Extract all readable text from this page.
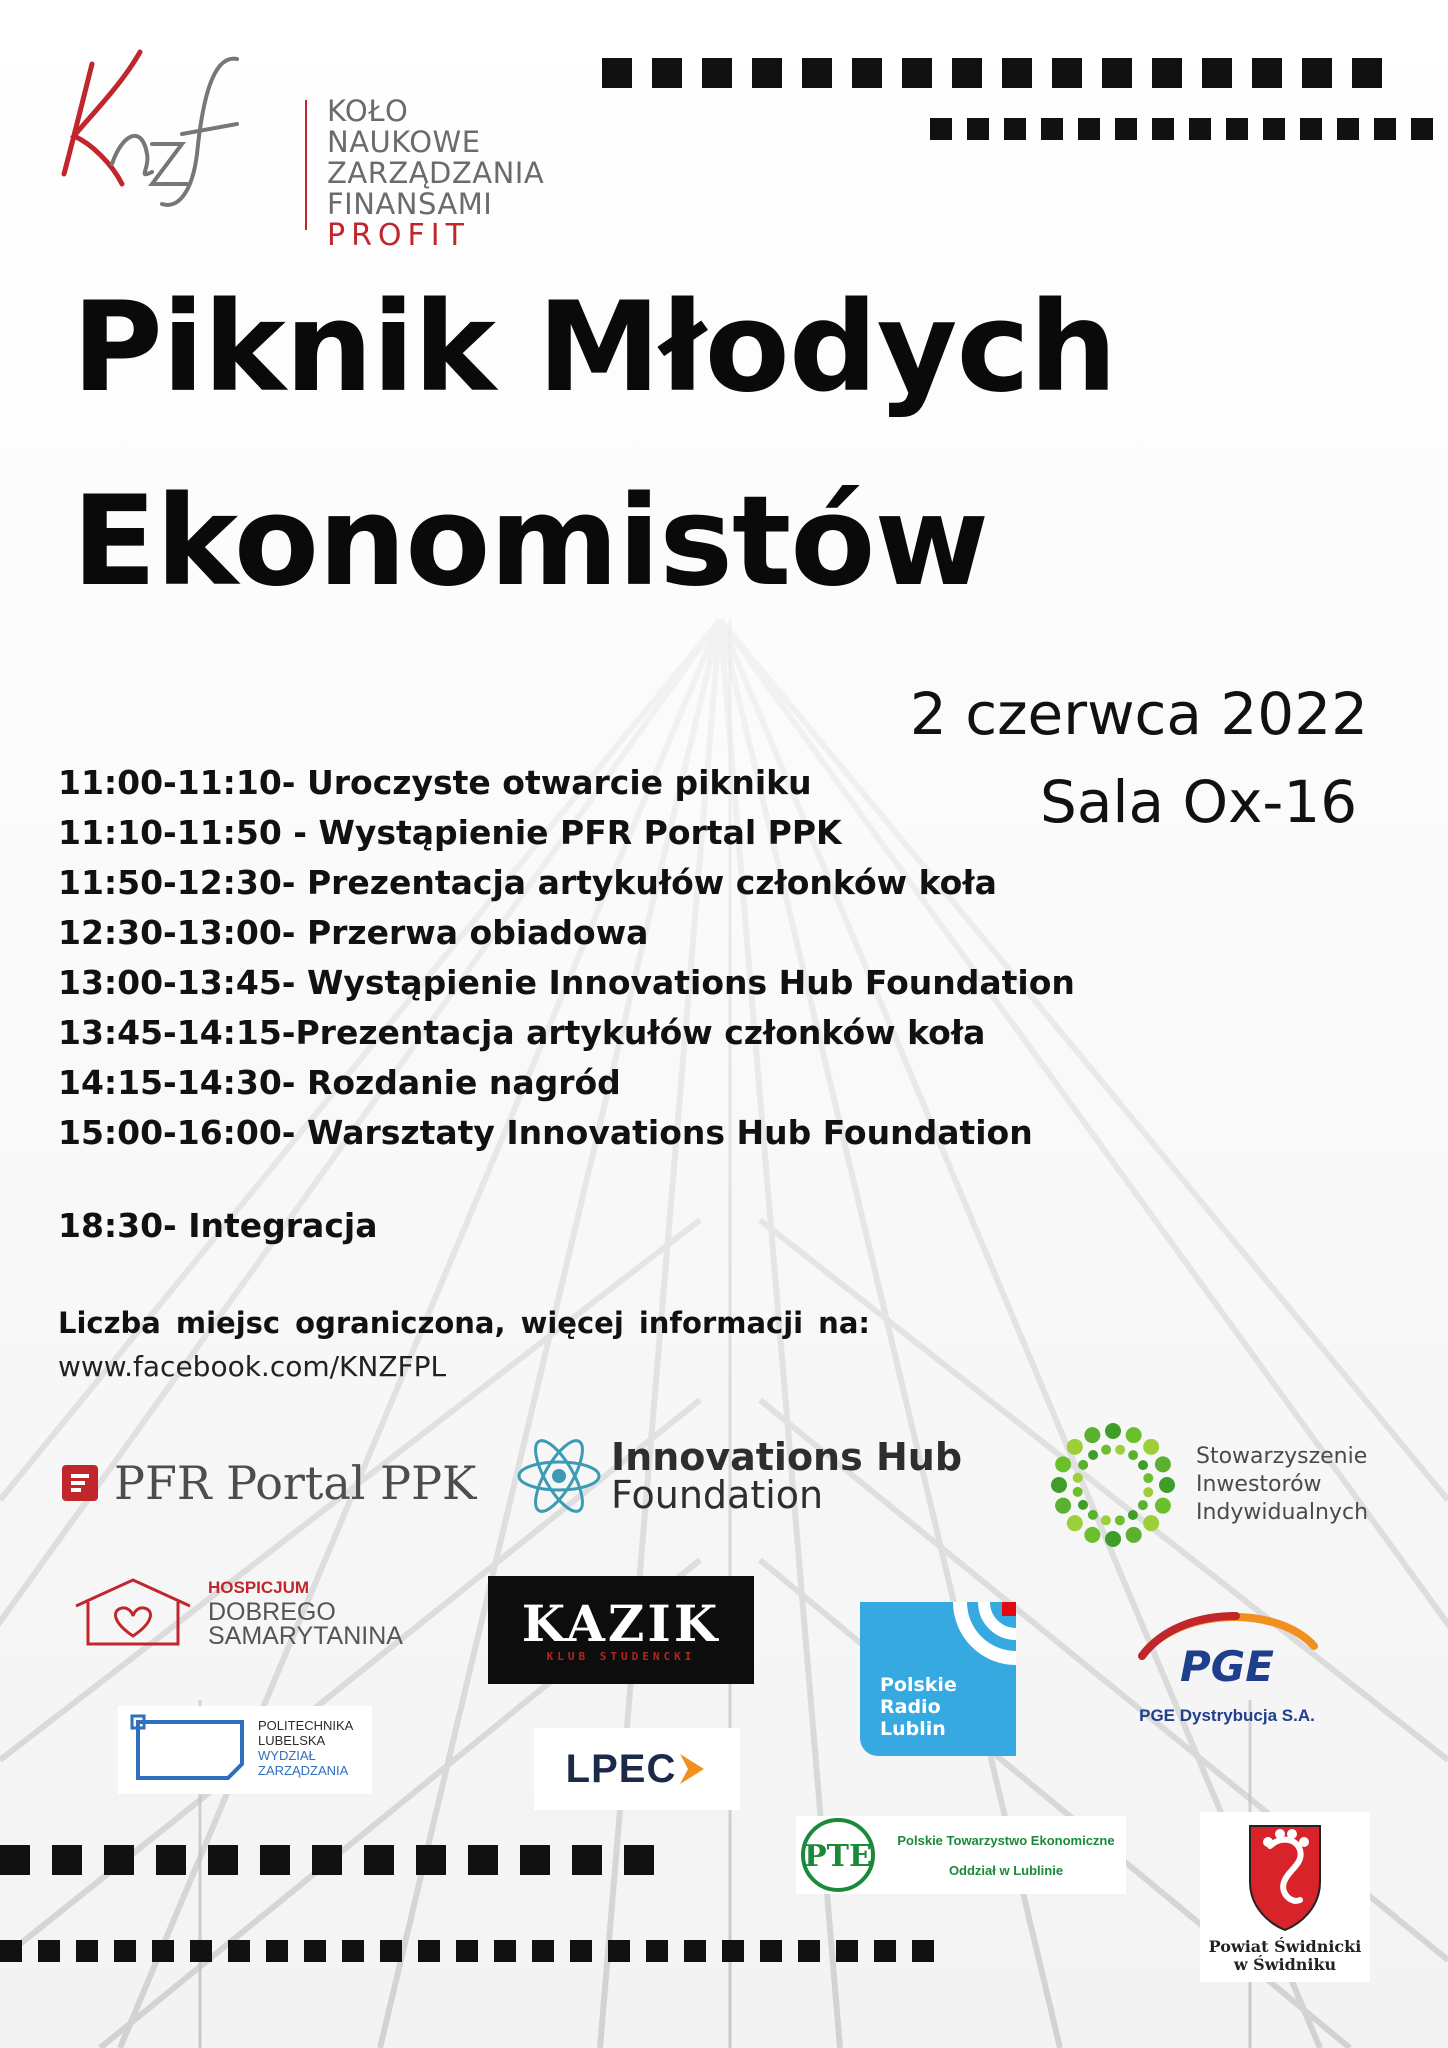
KOŁO NAUKOWE
ZARZĄDZANIA
FINANSAMI
PROFIT
Piknik Młodych
Ekonomistów
2 czerwca 2022
Sala Ox-16
11:00-11:10- Uroczyste otwarcie pikniku
11:10-11:50 - Wystąpienie PFR Portal PPK
11:50-12:30- Prezentacja artykułów członków koła
12:30-13:00- Przerwa obiadowa
13:00-13:45- Wystąpienie Innovations Hub Foundation
13:45-14:15-Prezentacja artykułów członków koła
14:15-14:30- Rozdanie nagród
15:00-16:00- Warsztaty Innovations Hub Foundation
18:30- Integracja
Liczba miejsc ograniczona, więcej informacji na:
www.facebook.com/KNZFPL
PFR Portal PPK	Innovations Hub
Foundation
Stowarzyszenie
Inwestorów
Indywidualnych
HOSPICJUM
DOBREGO
SAMARYTANINA KAZIK
KLUB STUDENCKI
Polskie
Radio
Lublin
PGE
PGE Dystrybucja S.A.
POLITECHNIKA
LUBELSKA
WYDZIAŁ
ZARZĄDZANIA	LPEC
PTE	Polskie Towarzystwo Ekonomiczne
Oddział w Lublinie
Powiat Świdnicki
w Świdniku
